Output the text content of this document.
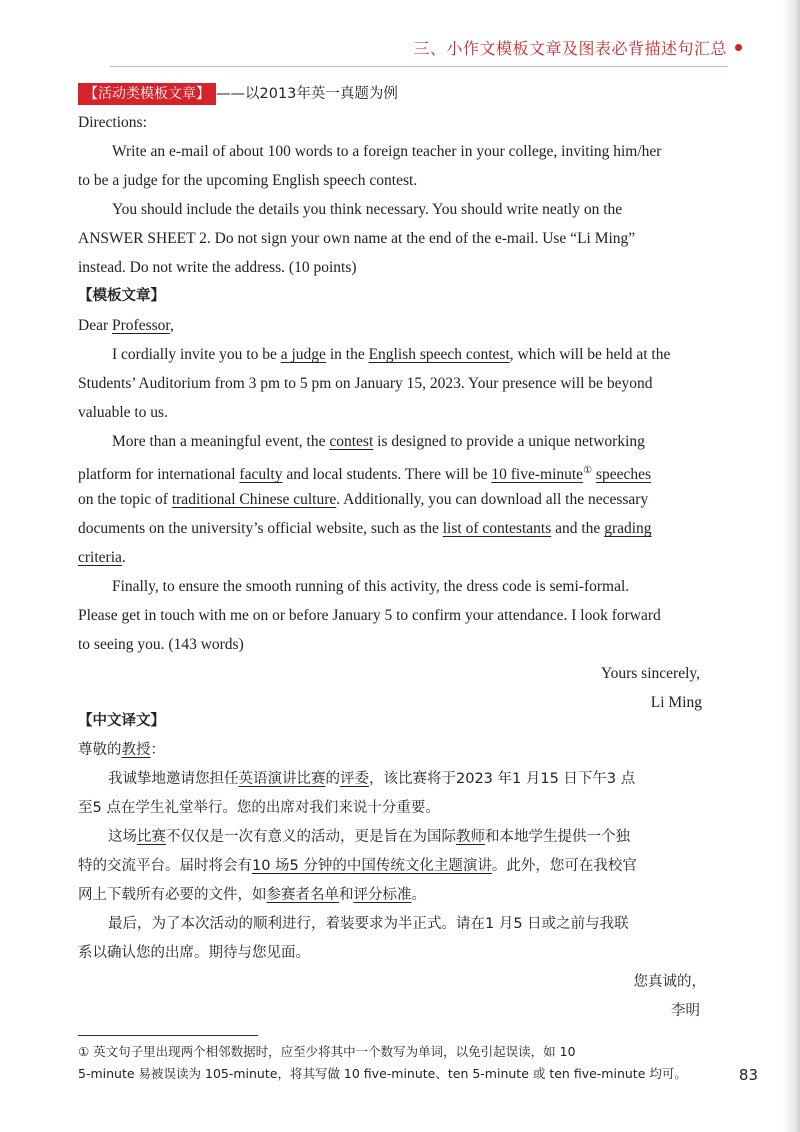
三、小作文模板文章及图表必背描述句汇总
【活动类模板文章】 ——以2013年英一真题为例
Directions:
Write an e-mail of about 100 words to a foreign teacher in your college, inviting him/her
to be a judge for the upcoming English speech contest.
You should include the details you think necessary. You should write neatly on the
ANSWER SHEET 2. Do not sign your own name at the end of the e-mail. Use “Li Ming”
instead. Do not write the address. (10 points)
【模板文章】
Dear Professor,
I cordially invite you to be a judge in the English speech contest, which will be held at the
Students’ Auditorium from 3 pm to 5 pm on January 15, 2023. Your presence will be beyond
valuable to us.
More than a meaningful event, the contest is designed to provide a unique networking
platform for international faculty and local students. There will be 10 five-minute① speeches
on the topic of traditional Chinese culture. Additionally, you can download all the necessary
documents on the university’s official website, such as the list of contestants and the grading
criteria.
Finally, to ensure the smooth running of this activity, the dress code is semi-formal.
Please get in touch with me on or before January 5 to confirm your attendance. I look forward
to seeing you. (143 words)
Yours sincerely,
Li Ming
【中文译文】
尊敬的教授：
我诚挚地邀请您担任英语演讲比赛的评委，该比赛将于2023 年1 月15 日下午3 点
至5 点在学生礼堂举行。您的出席对我们来说十分重要。
这场比赛不仅仅是一次有意义的活动，更是旨在为国际教师和本地学生提供一个独
特的交流平台。届时将会有10 场5 分钟的中国传统文化主题演讲。此外，您可在我校官
网上下载所有必要的文件，如参赛者名单和评分标准。
最后，为了本次活动的顺利进行，着装要求为半正式。请在1 月5 日或之前与我联
系以确认您的出席。期待与您见面。
您真诚的，
李明
① 英文句子里出现两个相邻数据时，应至少将其中一个数写为单词，以免引起误读，如 10
5-minute 易被误读为 105-minute，将其写做 10 five-minute、ten 5-minute 或 ten five-minute 均可。	83
